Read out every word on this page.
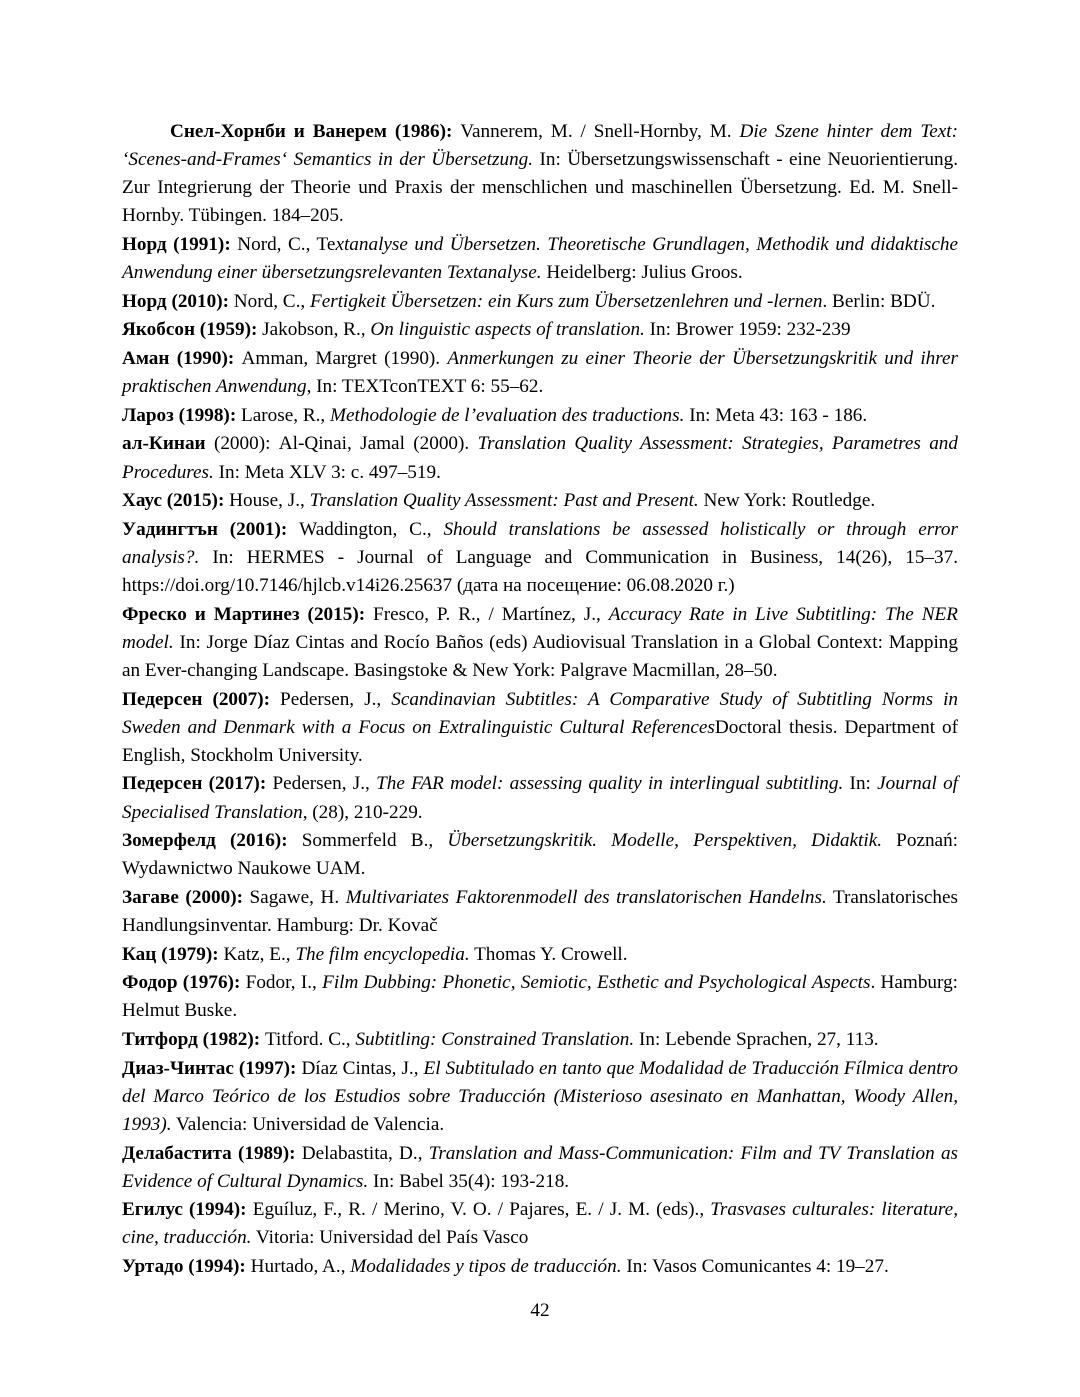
Снел-Хорнби и Ванерем (1986): Vannerem, M. / Snell-Hornby, M. Die Szene hinter dem Text: ‘Scenes-and-Frames‘ Semantics in der Übersetzung. In: Übersetzungswissenschaft - eine Neuorientierung. Zur Integrierung der Theorie und Praxis der menschlichen und maschinellen Übersetzung. Ed. M. Snell-Hornby. Tübingen. 184–205.

Норд (1991): Nord, C., Textanalyse und Übersetzen. Theoretische Grundlagen, Methodik und didaktische Anwendung einer übersetzungsrelevanten Textanalyse. Heidelberg: Julius Groos.

Норд (2010): Nord, C., Fertigkeit Übersetzen: ein Kurs zum Übersetzenlehren und -lernen. Berlin: BDÜ.

Якобсон (1959): Jakobson, R., On linguistic aspects of translation. In: Brower 1959: 232-239

Аман (1990): Amman, Margret (1990). Anmerkungen zu einer Theorie der Übersetzungskritik und ihrer praktischen Anwendung, In: TEXTconTEXT 6: 55–62.

Лароз (1998): Larose, R., Methodologie de l’evaluation des traductions. In: Meta 43: 163 - 186.

ал-Кинаи (2000): Al-Qinai, Jamal (2000). Translation Quality Assessment: Strategies, Parametres and Procedures. In: Meta XLV 3: c. 497–519.

Хаус (2015): House, J., Translation Quality Assessment: Past and Present. New York: Routledge.

Уадингтън (2001): Waddington, C., Should translations be assessed holistically or through error analysis?. In: HERMES - Journal of Language and Communication in Business, 14(26), 15–37. https://doi.org/10.7146/hjlcb.v14i26.25637 (дата на посещение: 06.08.2020 г.)

Фреско и Мартинез (2015): Fresco, P. R., / Martínez, J., Accuracy Rate in Live Subtitling: The NER model. In: Jorge Díaz Cintas and Rocío Baños (eds) Audiovisual Translation in a Global Context: Mapping an Ever-changing Landscape. Basingstoke & New York: Palgrave Macmillan, 28–50.

Педерсен (2007): Pedersen, J., Scandinavian Subtitles: A Comparative Study of Subtitling Norms in Sweden and Denmark with a Focus on Extralinguistic Cultural ReferencesDoctoral thesis. Department of English, Stockholm University.

Педерсен (2017): Pedersen, J., The FAR model: assessing quality in interlingual subtitling. In: Journal of Specialised Translation, (28), 210-229.

Зомерфелд (2016): Sommerfeld B., Übersetzungskritik. Modelle, Perspektiven, Didaktik. Poznań: Wydawnictwo Naukowe UAM.

Загаве (2000): Sagawe, H. Multivariates Faktorenmodell des translatorischen Handelns. Translatorisches Handlungsinventar. Hamburg: Dr. Kovač

Кац (1979): Katz, E., The film encyclopedia. Thomas Y. Crowell.

Фодор (1976): Fodor, I., Film Dubbing: Phonetic, Semiotic, Esthetic and Psychological Aspects. Hamburg: Helmut Buske.

Титфорд (1982): Titford. C., Subtitling: Constrained Translation. In: Lebende Sprachen, 27, 113.

Диаз-Чинтас (1997): Díaz Cintas, J., El Subtitulado en tanto que Modalidad de Traducción Fílmica dentro del Marco Teórico de los Estudios sobre Traducción (Misterioso asesinato en Manhattan, Woody Allen, 1993). Valencia: Universidad de Valencia.

Делабастита (1989): Delabastita, D., Translation and Mass-Communication: Film and TV Translation as Evidence of Cultural Dynamics. In: Babel 35(4): 193-218.

Егилус (1994): Eguíluz, F., R. / Merino, V. O. / Pajares, E. / J. M. (eds)., Trasvases culturales: literature, cine, traducción. Vitoria: Universidad del País Vasco

Уртадо (1994): Hurtado, A., Modalidades y tipos de traducción. In: Vasos Comunicantes 4: 19–27.

42
